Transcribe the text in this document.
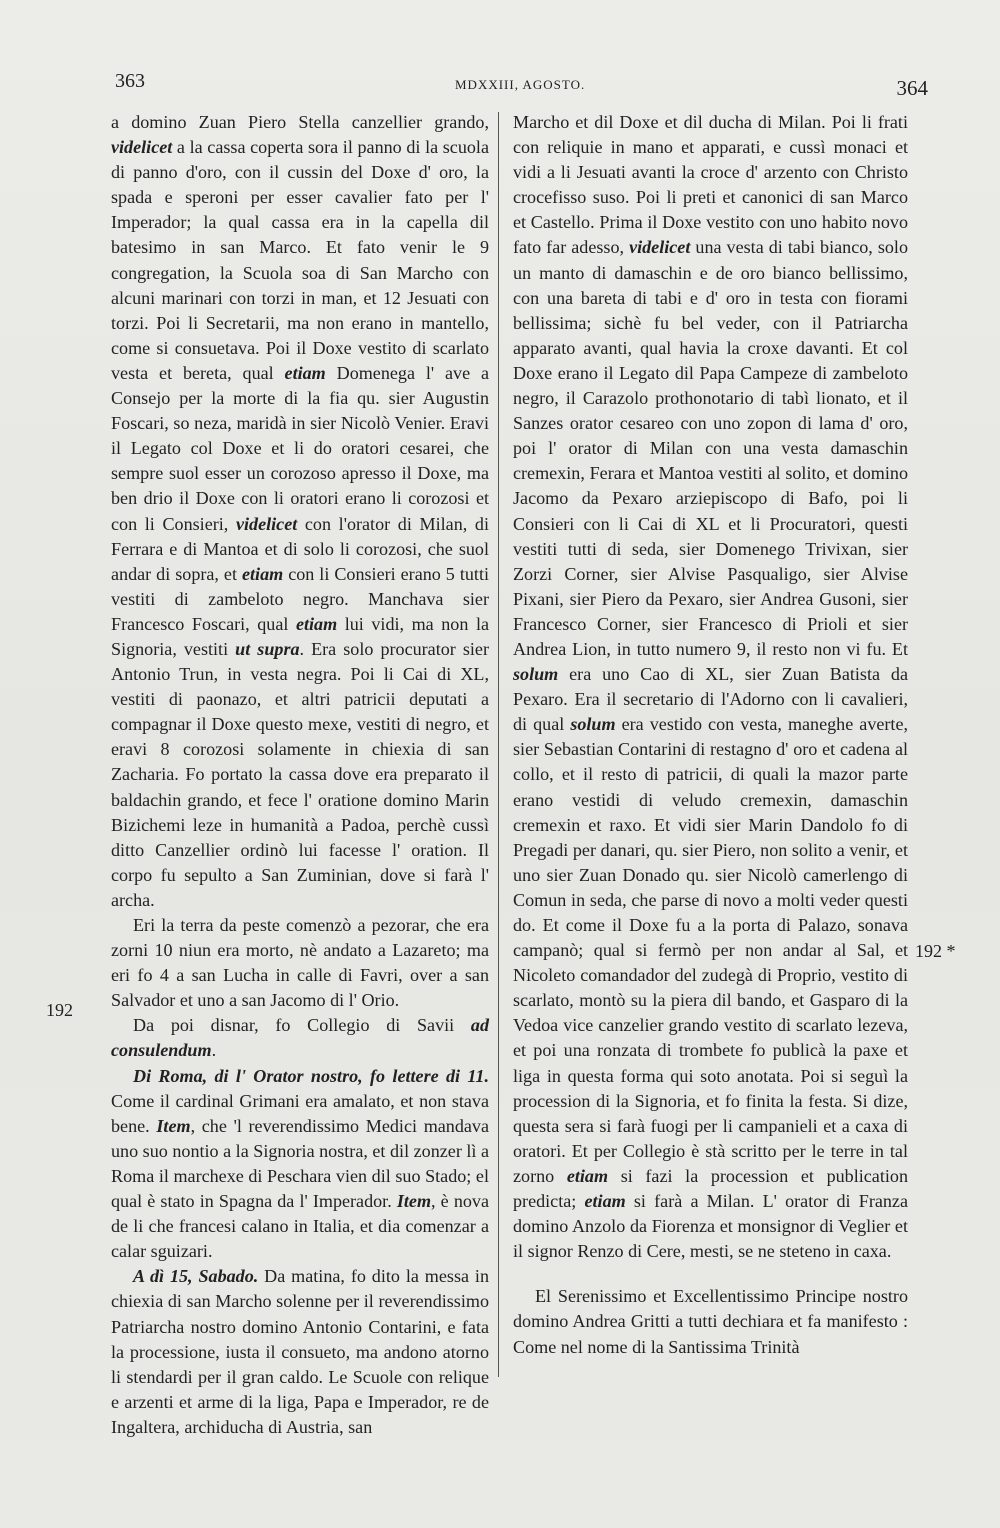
363	MDXXIII, AGOSTO.	364
192
192 *

a domino Zuan Piero Stella canzellier grando, videlicet a la cassa coperta sora il panno di la scuola di panno d'oro, con il cussin del Doxe d' oro, la spada e speroni per esser cavalier fato per l' Imperador; la qual cassa era in la capella dil batesimo in san Marco. Et fato venir le 9 congregation, la Scuola soa di San Marcho con alcuni marinari con torzi in man, et 12 Jesuati con torzi. Poi li Secretarii, ma non erano in mantello, come si consuetava. Poi il Doxe vestito di scarlato vesta et bereta, qual etiam Domenega l' ave a Consejo per la morte di la fia qu. sier Augustin Foscari, so neza, maridà in sier Nicolò Venier. Eravi il Legato col Doxe et li do oratori cesarei, che sempre suol esser un corozoso apresso il Doxe, ma ben drio il Doxe con li oratori erano li corozosi et con li Consieri, videlicet con l'orator di Milan, di Ferrara e di Mantoa et di solo li corozosi, che suol andar di sopra, et etiam con li Consieri erano 5 tutti vestiti di zambeloto negro. Manchava sier Francesco Foscari, qual etiam lui vidi, ma non la Signoria, vestiti ut supra. Era solo procurator sier Antonio Trun, in vesta negra. Poi li Cai di XL, vestiti di paonazo, et altri patricii deputati a compagnar il Doxe questo mexe, vestiti di negro, et eravi 8 corozosi solamente in chiexia di san Zacharia. Fo portato la cassa dove era preparato il baldachin grando, et fece l' oratione domino Marin Bizichemi leze in humanità a Padoa, perchè cussì ditto Canzellier ordinò lui facesse l' oration. Il corpo fu sepulto a San Zuminian, dove si farà l' archa.

Eri la terra da peste comenzò a pezorar, che era zorni 10 niun era morto, nè andato a Lazareto; ma eri fo 4 a san Lucha in calle di Favri, over a san Salvador et uno a san Jacomo di l' Orio.

Da poi disnar, fo Collegio di Savii ad consulendum.

Di Roma, di l' Orator nostro, fo lettere di 11. Come il cardinal Grimani era amalato, et non stava bene. Item, che 'l reverendissimo Medici mandava uno suo nontio a la Signoria nostra, et dil zonzer lì a Roma il marchexe di Peschara vien dil suo Stado; el qual è stato in Spagna da l' Imperador. Item, è nova de li che francesi calano in Italia, et dia comenzar a calar sguizari.

A dì 15, Sabado. Da matina, fo dito la messa in chiexia di san Marcho solenne per il reverendissimo Patriarcha nostro domino Antonio Contarini, e fata la processione, iusta il consueto, ma andono atorno li stendardi per il gran caldo. Le Scuole con relique e arzenti et arme di la liga, Papa e Imperador, re de Ingaltera, archiducha di Austria, san

Marcho et dil Doxe et dil ducha di Milan. Poi li frati con reliquie in mano et apparati, e cussì monaci et vidi a li Jesuati avanti la croce d' arzento con Christo crocefisso suso. Poi li preti et canonici di san Marco et Castello. Prima il Doxe vestito con uno habito novo fato far adesso, videlicet una vesta di tabi bianco, solo un manto di damaschin e de oro bianco bellissimo, con una bareta di tabi e d' oro in testa con fiorami bellissima; sichè fu bel veder, con il Patriarcha apparato avanti, qual havia la croxe davanti. Et col Doxe erano il Legato dil Papa Campeze di zambeloto negro, il Carazolo prothonotario di tabì lionato, et il Sanzes orator cesareo con uno zopon di lama d' oro, poi l' orator di Milan con una vesta damaschin cremexin, Ferara et Mantoa vestiti al solito, et domino Jacomo da Pexaro arziepiscopo di Bafo, poi li Consieri con li Cai di XL et li Procuratori, questi vestiti tutti di seda, sier Domenego Trivixan, sier Zorzi Corner, sier Alvise Pasqualigo, sier Alvise Pixani, sier Piero da Pexaro, sier Andrea Gusoni, sier Francesco Corner, sier Francesco di Prioli et sier Andrea Lion, in tutto numero 9, il resto non vi fu. Et solum era uno Cao di XL, sier Zuan Batista da Pexaro. Era il secretario di l'Adorno con li cavalieri, di qual solum era vestido con vesta, maneghe averte, sier Sebastian Contarini di restagno d' oro et cadena al collo, et il resto di patricii, di quali la mazor parte erano vestidi di veludo cremexin, damaschin cremexin et raxo. Et vidi sier Marin Dandolo fo di Pregadi per danari, qu. sier Piero, non solito a venir, et uno sier Zuan Donado qu. sier Nicolò camerlengo di Comun in seda, che parse di novo a molti veder questi do. Et come il Doxe fu a la porta di Palazo, sonava campanò; qual si fermò per non andar al Sal, et Nicoleto comandador del zudegà di Proprio, vestito di scarlato, montò su la piera dil bando, et Gasparo di la Vedoa vice canzelier grando vestito di scarlato lezeva, et poi una ronzata di trombete fo publicà la paxe et liga in questa forma qui soto anotata. Poi si seguì la procession di la Signoria, et fo finita la festa. Si dize, questa sera si farà fuogi per li campanieli et a caxa di oratori. Et per Collegio è stà scritto per le terre in tal zorno etiam si fazi la procession et publication predicta; etiam si farà a Milan. L' orator di Franza domino Anzolo da Fiorenza et monsignor di Veglier et il signor Renzo di Cere, mesti, se ne steteno in caxa.

El Serenissimo et Excellentissimo Principe nostro domino Andrea Gritti a tutti dechiara et fa manifesto : Come nel nome di la Santissima Trinità
